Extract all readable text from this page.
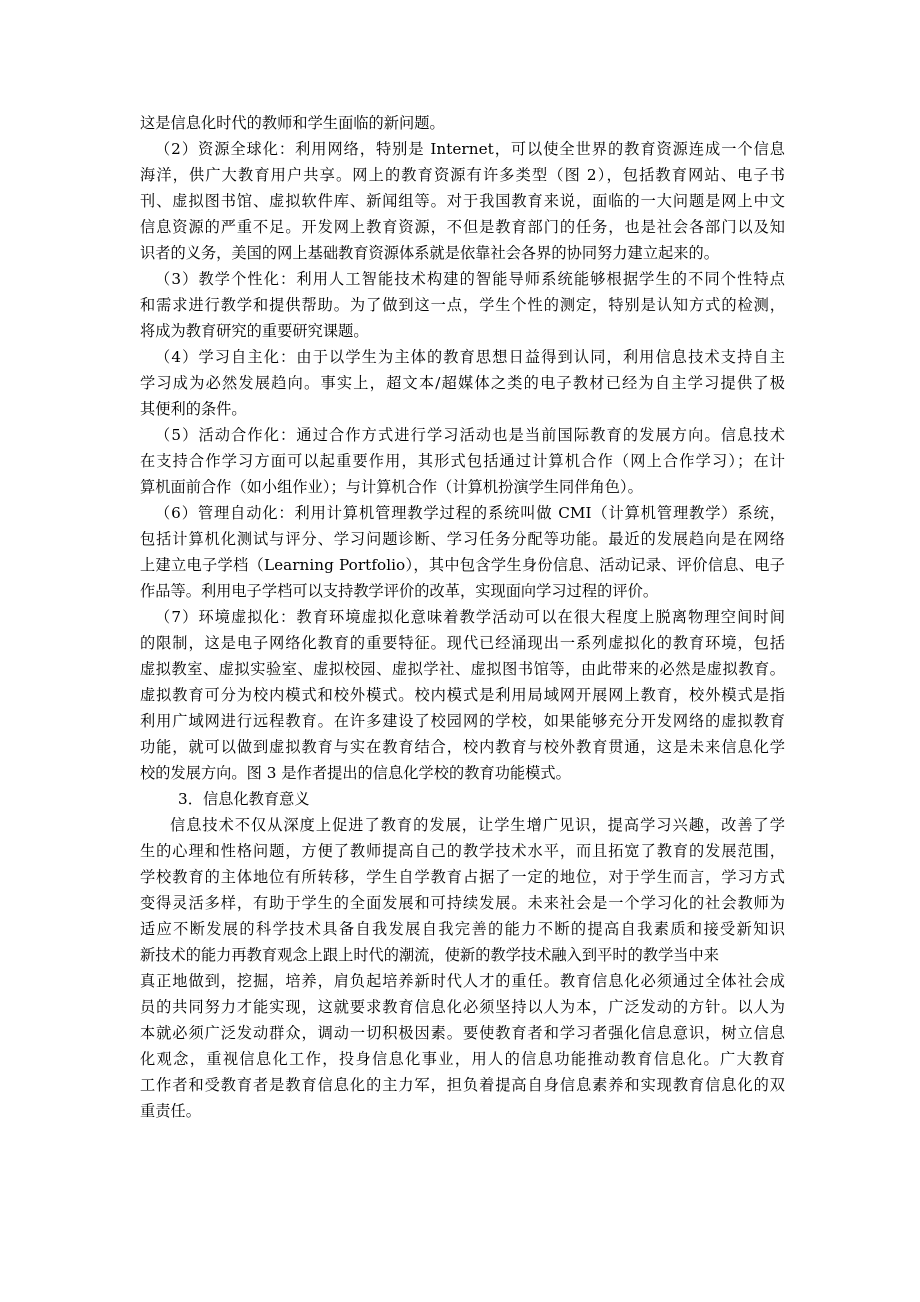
这是信息化时代的教师和学生面临的新问题。
（2）资源全球化：利用网络，特别是 Internet，可以使全世界的教育资源连成一个信息
海洋，供广大教育用户共享。网上的教育资源有许多类型（图 2），包括教育网站、电子书
刊、虚拟图书馆、虚拟软件库、新闻组等。对于我国教育来说，面临的一大问题是网上中文
信息资源的严重不足。开发网上教育资源，不但是教育部门的任务，也是社会各部门以及知
识者的义务，美国的网上基础教育资源体系就是依靠社会各界的协同努力建立起来的。
（3）教学个性化：利用人工智能技术构建的智能导师系统能够根据学生的不同个性特点
和需求进行教学和提供帮助。为了做到这一点，学生个性的测定，特别是认知方式的检测，
将成为教育研究的重要研究课题。
（4）学习自主化：由于以学生为主体的教育思想日益得到认同，利用信息技术支持自主
学习成为必然发展趋向。事实上，超文本/超媒体之类的电子教材已经为自主学习提供了极
其便利的条件。
（5）活动合作化：通过合作方式进行学习活动也是当前国际教育的发展方向。信息技术
在支持合作学习方面可以起重要作用，其形式包括通过计算机合作（网上合作学习）；在计
算机面前合作（如小组作业）；与计算机合作（计算机扮演学生同伴角色）。
（6）管理自动化：利用计算机管理教学过程的系统叫做 CMI（计算机管理教学）系统，
包括计算机化测试与评分、学习问题诊断、学习任务分配等功能。最近的发展趋向是在网络
上建立电子学档（Learning Portfolio），其中包含学生身份信息、活动记录、评价信息、电子
作品等。利用电子学档可以支持教学评价的改革，实现面向学习过程的评价。
（7）环境虚拟化：教育环境虚拟化意味着教学活动可以在很大程度上脱离物理空间时间
的限制，这是电子网络化教育的重要特征。现代已经涌现出一系列虚拟化的教育环境，包括
虚拟教室、虚拟实验室、虚拟校园、虚拟学社、虚拟图书馆等，由此带来的必然是虚拟教育。
虚拟教育可分为校内模式和校外模式。校内模式是利用局域网开展网上教育，校外模式是指
利用广域网进行远程教育。在许多建设了校园网的学校，如果能够充分开发网络的虚拟教育
功能，就可以做到虚拟教育与实在教育结合，校内教育与校外教育贯通，这是未来信息化学
校的发展方向。图 3 是作者提出的信息化学校的教育功能模式。
3．信息化教育意义
信息技术不仅从深度上促进了教育的发展，让学生增广见识，提高学习兴趣，改善了学
生的心理和性格问题，方便了教师提高自己的教学技术水平，而且拓宽了教育的发展范围，
学校教育的主体地位有所转移，学生自学教育占据了一定的地位，对于学生而言，学习方式
变得灵活多样，有助于学生的全面发展和可持续发展。未来社会是一个学习化的社会教师为
适应不断发展的科学技术具备自我发展自我完善的能力不断的提高自我素质和接受新知识
新技术的能力再教育观念上跟上时代的潮流，使新的教学技术融入到平时的教学当中来
真正地做到，挖掘，培养，肩负起培养新时代人才的重任。教育信息化必须通过全体社会成
员的共同努力才能实现，这就要求教育信息化必须坚持以人为本，广泛发动的方针。以人为
本就必须广泛发动群众，调动一切积极因素。要使教育者和学习者强化信息意识，树立信息
化观念，重视信息化工作，投身信息化事业，用人的信息功能推动教育信息化。广大教育
工作者和受教育者是教育信息化的主力军，担负着提高自身信息素养和实现教育信息化的双
重责任。
